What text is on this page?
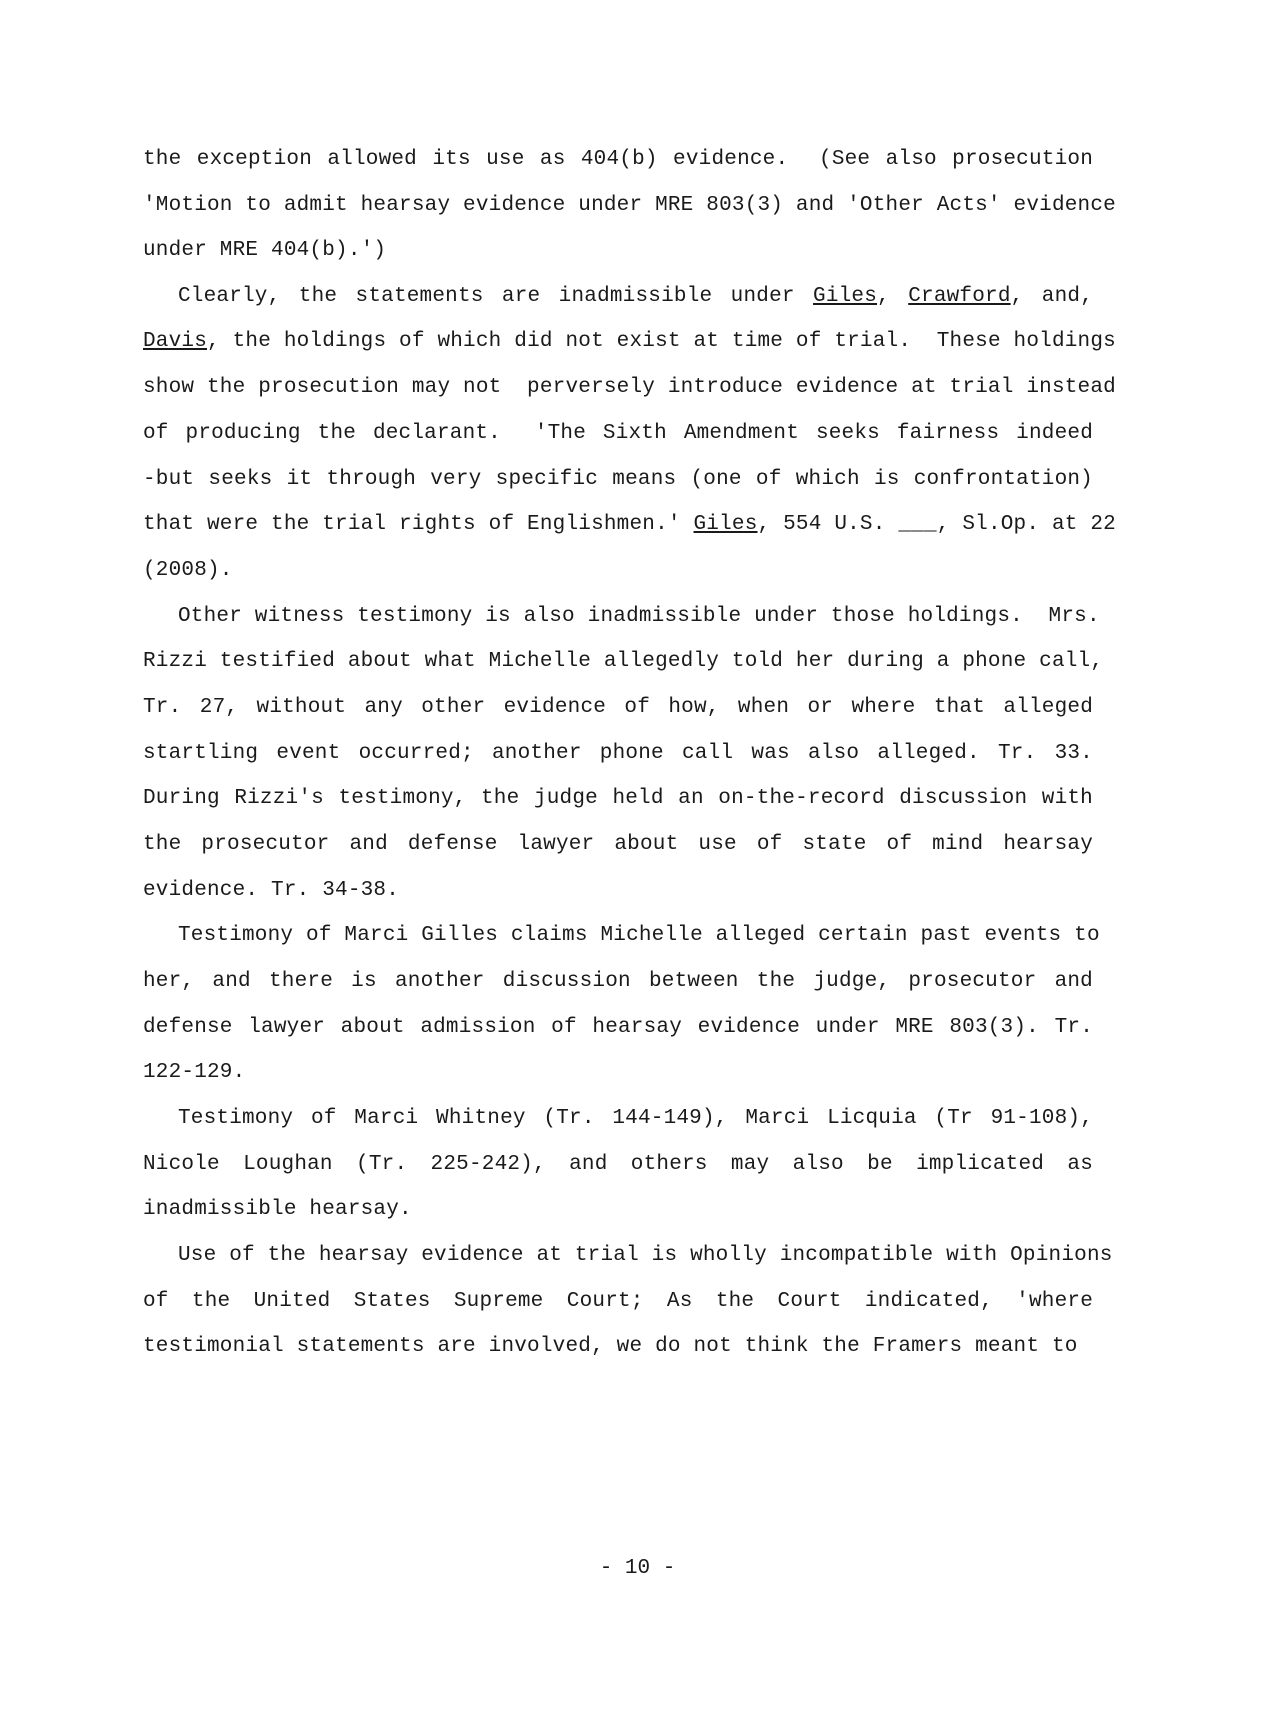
the exception allowed its use as 404(b) evidence.  (See also prosecution
'Motion to admit hearsay evidence under MRE 803(3) and 'Other Acts' evidence
under MRE 404(b).')
Clearly, the statements are inadmissible under Giles, Crawford, and,
Davis, the holdings of which did not exist at time of trial.  These holdings
show the prosecution may not  perversely introduce evidence at trial instead
of producing the declarant.  'The Sixth Amendment seeks fairness indeed
-but seeks it through very specific means (one of which is confrontation)
that were the trial rights of Englishmen.' Giles, 554 U.S. ___, Sl.Op. at 22
(2008).
Other witness testimony is also inadmissible under those holdings.  Mrs.
Rizzi testified about what Michelle allegedly told her during a phone call,
Tr. 27, without any other evidence of how, when or where that alleged
startling event occurred; another phone call was also alleged. Tr. 33.
During Rizzi's testimony, the judge held an on-the-record discussion with
the prosecutor and defense lawyer about use of state of mind hearsay
evidence. Tr. 34-38.
Testimony of Marci Gilles claims Michelle alleged certain past events to
her, and there is another discussion between the judge, prosecutor and
defense lawyer about admission of hearsay evidence under MRE 803(3). Tr.
122-129.
Testimony of Marci Whitney (Tr. 144-149), Marci Licquia (Tr 91-108),
Nicole Loughan (Tr. 225-242), and others may also be implicated as
inadmissible hearsay.
Use of the hearsay evidence at trial is wholly incompatible with Opinions
of the United States Supreme Court; As the Court indicated, 'where
testimonial statements are involved, we do not think the Framers meant to
- 10 -
